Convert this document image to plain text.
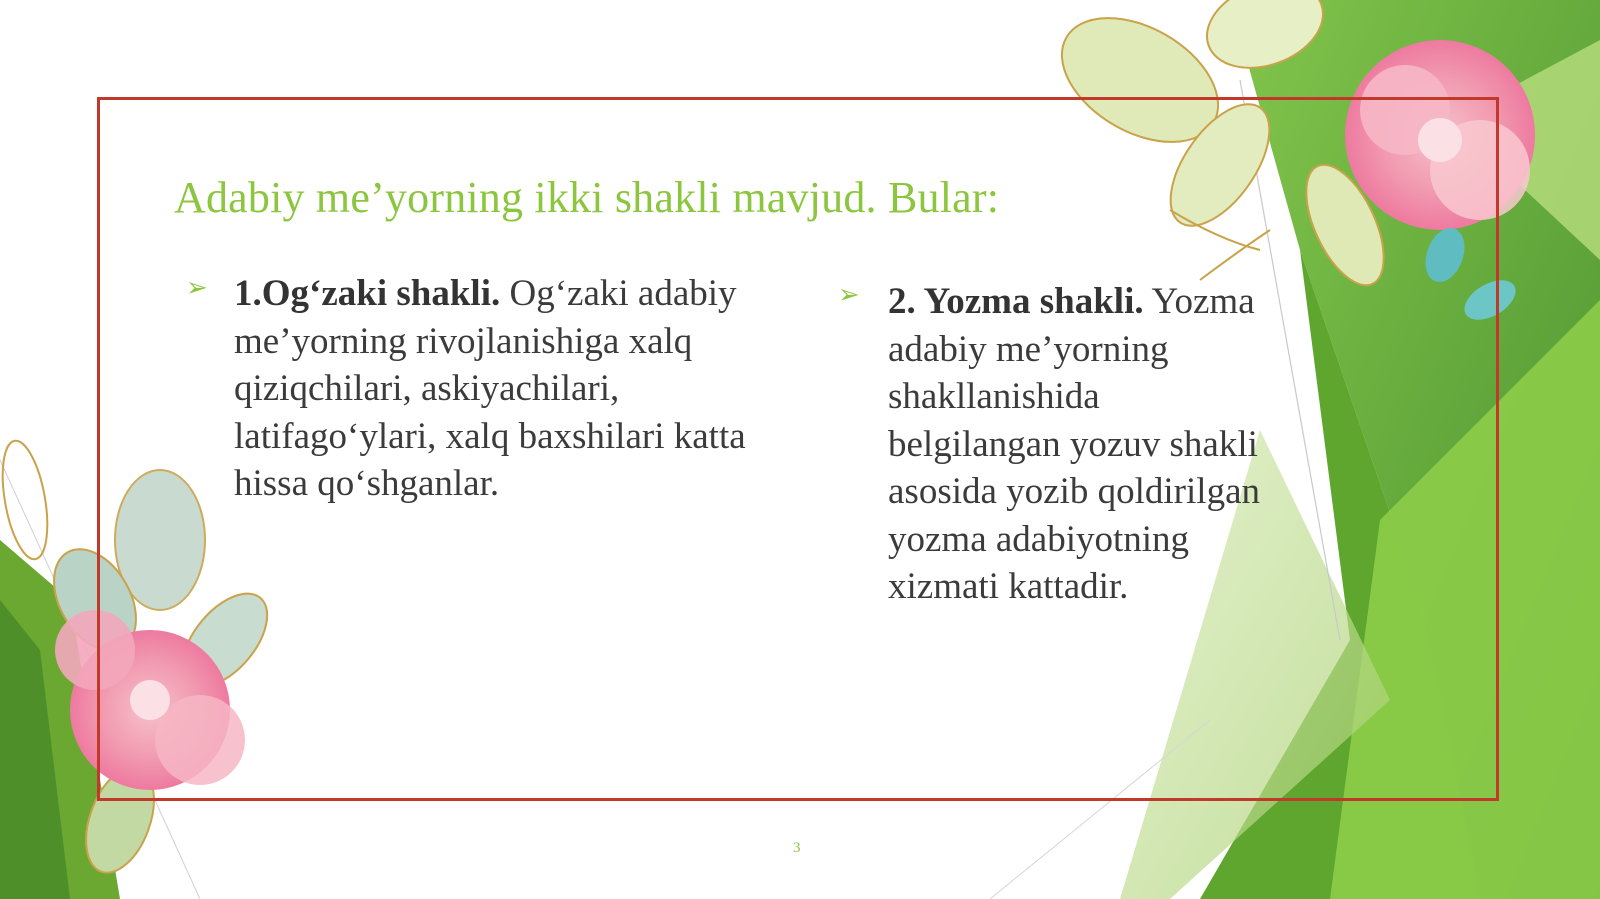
Adabiy me’yorning ikki shakli mavjud. Bular:
➢ 1.Og‘zaki shakli. Og‘zaki adabiy me’yorning rivojlanishiga xalq qiziqchilari, askiyachilari, latifago‘ylari, xalq baxshilari katta hissa qo‘shganlar.
➢ 2. Yozma shakli. Yozma adabiy me’yorning shakllanishida belgilangan yozuv shakli asosida yozib qoldirilgan yozma adabiyotning xizmati kattadir.
3
